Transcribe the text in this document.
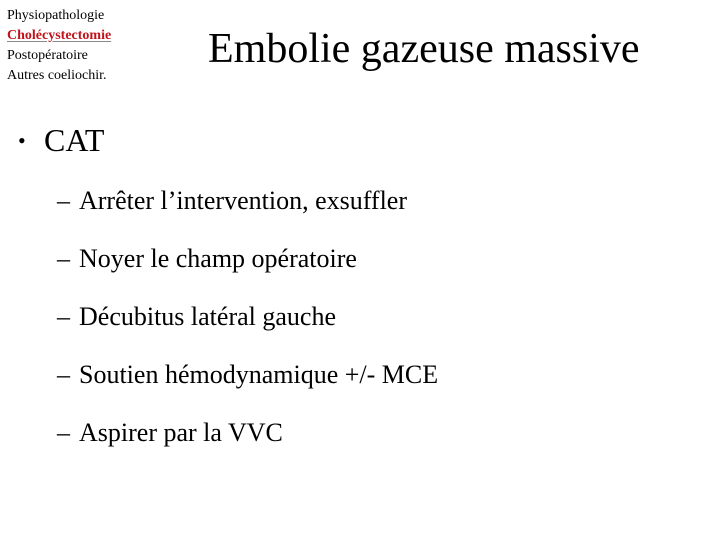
Physiopathologie
Cholécystectomie
Postopératoire
Autres coeliochir.
Embolie gazeuse massive
• CAT
– Arrêter l’intervention, exsuffler
– Noyer le champ opératoire
– Décubitus latéral gauche
– Soutien hémodynamique +/- MCE
– Aspirer par la VVC
